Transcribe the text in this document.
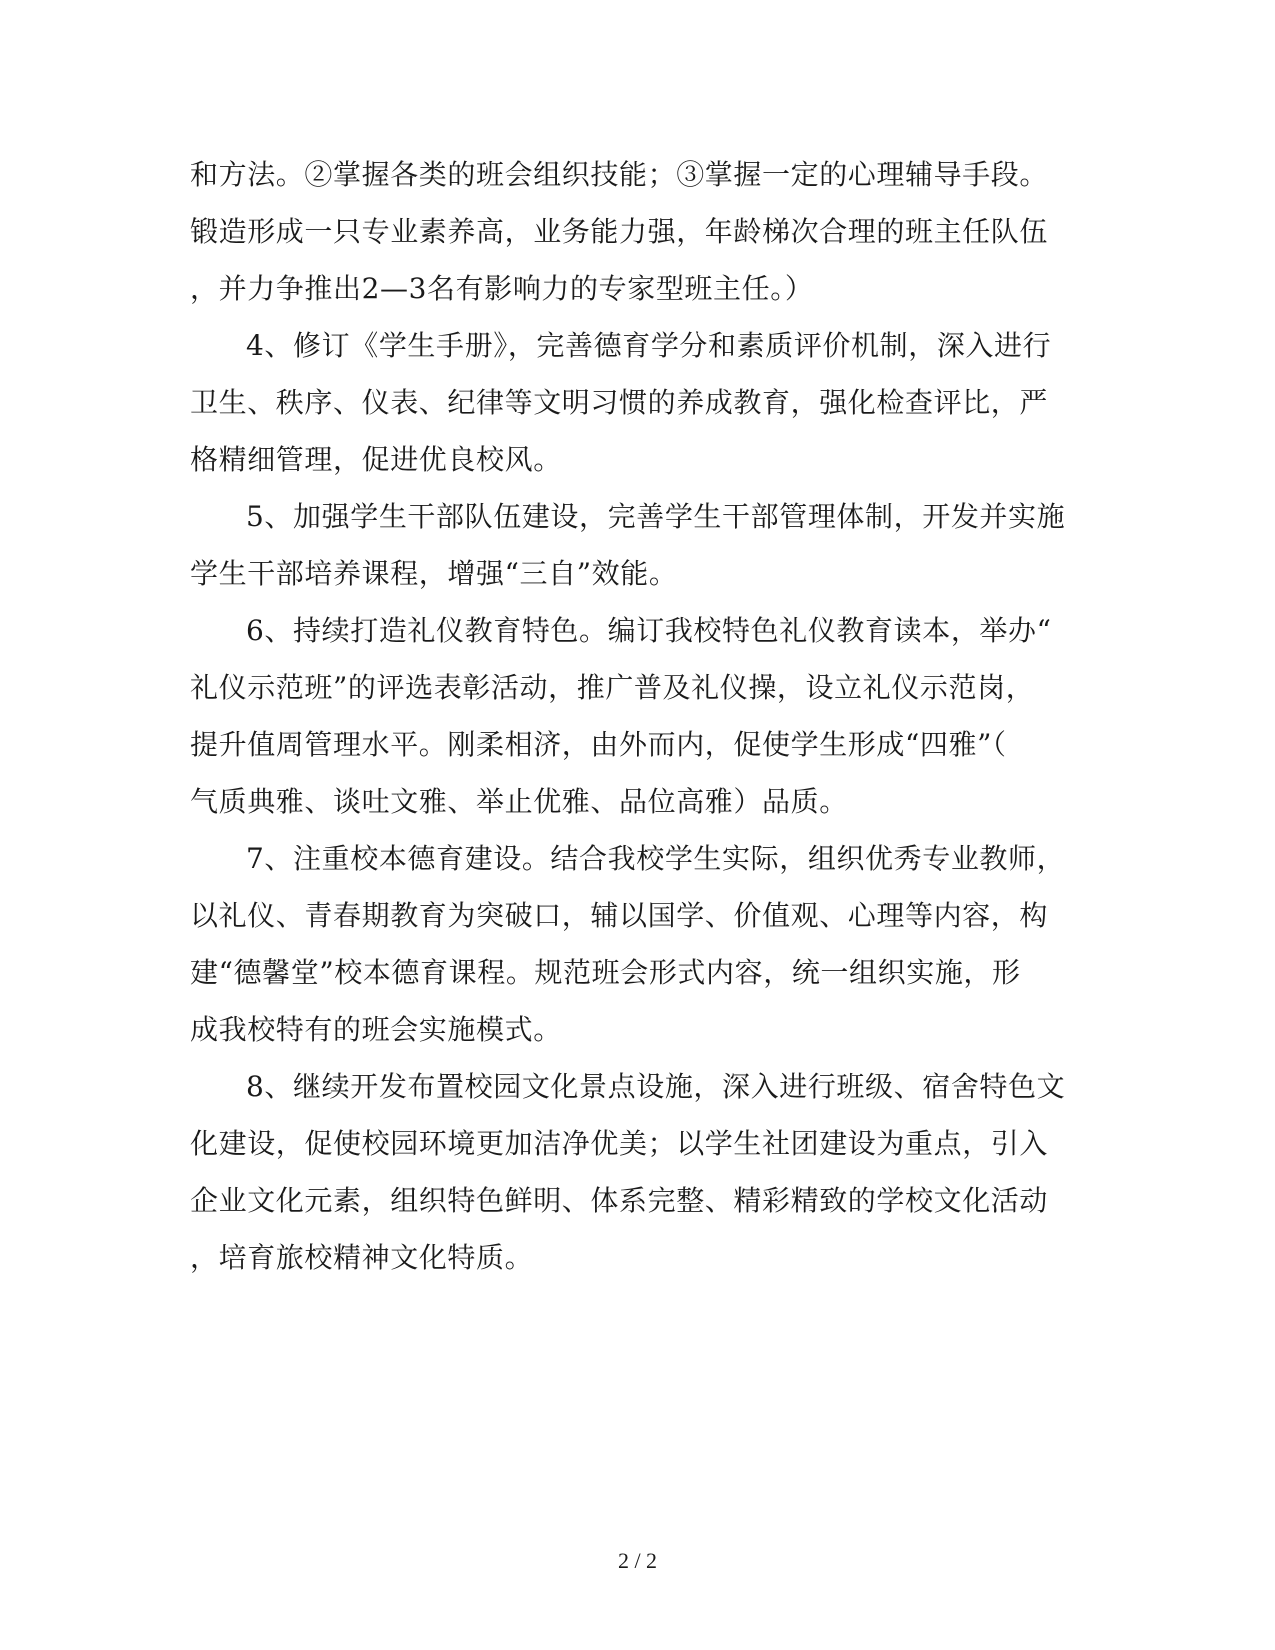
和方法。②掌握各类的班会组织技能；③掌握一定的心理辅导手段。
锻造形成一只专业素养高，业务能力强，年龄梯次合理的班主任队伍
，并力争推出2—3名有影响力的专家型班主任。）
4、修订《学生手册》，完善德育学分和素质评价机制，深入进行
卫生、秩序、仪表、纪律等文明习惯的养成教育，强化检查评比，严
格精细管理，促进优良校风。
5、加强学生干部队伍建设，完善学生干部管理体制，开发并实施
学生干部培养课程，增强“三自”效能。
6、持续打造礼仪教育特色。编订我校特色礼仪教育读本，举办“
礼仪示范班”的评选表彰活动，推广普及礼仪操，设立礼仪示范岗，
提升值周管理水平。刚柔相济，由外而内，促使学生形成“四雅”（
气质典雅、谈吐文雅、举止优雅、品位高雅）品质。
7、注重校本德育建设。结合我校学生实际，组织优秀专业教师，
以礼仪、青春期教育为突破口，辅以国学、价值观、心理等内容，构
建“德馨堂”校本德育课程。规范班会形式内容，统一组织实施，形
成我校特有的班会实施模式。
8、继续开发布置校园文化景点设施，深入进行班级、宿舍特色文
化建设，促使校园环境更加洁净优美；以学生社团建设为重点，引入
企业文化元素，组织特色鲜明、体系完整、精彩精致的学校文化活动
，培育旅校精神文化特质。
2 / 2
